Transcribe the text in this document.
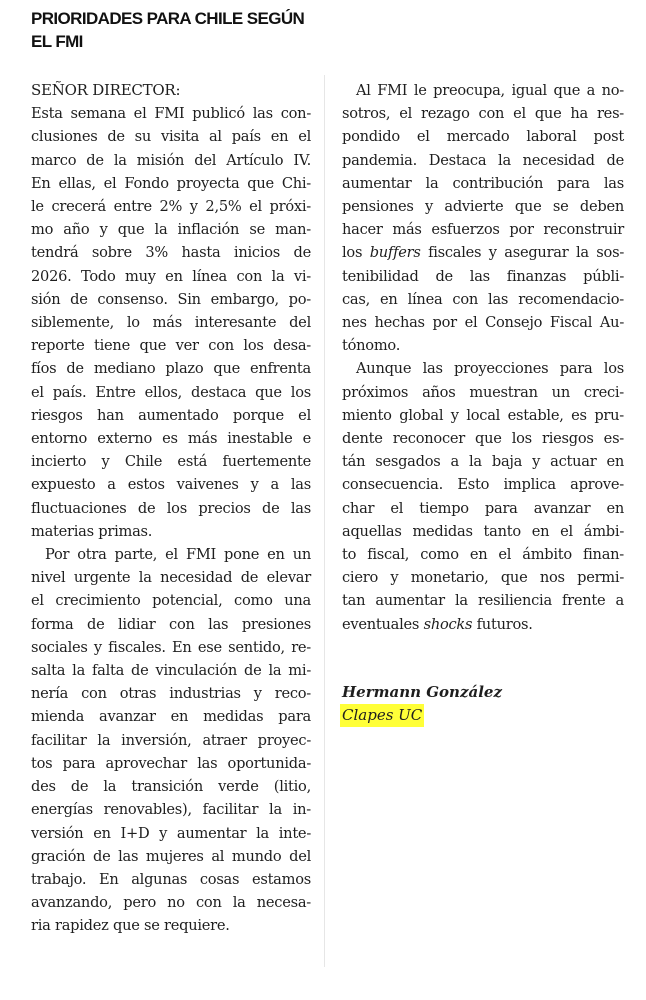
PRIORIDADES PARA CHILE SEGÚN
EL FMI
SEÑOR DIRECTOR:
Esta semana el FMI publicó las con-
clusiones de su visita al país en el
marco de la misión del Artículo IV.
En ellas, el Fondo proyecta que Chi-
le crecerá entre 2% y 2,5% el próxi-
mo año y que la inflación se man-
tendrá sobre 3% hasta inicios de
2026. Todo muy en línea con la vi-
sión de consenso. Sin embargo, po-
siblemente, lo más interesante del
reporte tiene que ver con los desa-
fíos de mediano plazo que enfrenta
el país. Entre ellos, destaca que los
riesgos han aumentado porque el
entorno externo es más inestable e
incierto y Chile está fuertemente
expuesto a estos vaivenes y a las
fluctuaciones de los precios de las
materias primas.
Por otra parte, el FMI pone en un
nivel urgente la necesidad de elevar
el crecimiento potencial, como una
forma de lidiar con las presiones
sociales y fiscales. En ese sentido, re-
salta la falta de vinculación de la mi-
nería con otras industrias y reco-
mienda avanzar en medidas para
facilitar la inversión, atraer proyec-
tos para aprovechar las oportunida-
des de la transición verde (litio,
energías renovables), facilitar la in-
versión en I+D y aumentar la inte-
gración de las mujeres al mundo del
trabajo. En algunas cosas estamos
avanzando, pero no con la necesa-
ria rapidez que se requiere.
Al FMI le preocupa, igual que a no-
sotros, el rezago con el que ha res-
pondido el mercado laboral post
pandemia. Destaca la necesidad de
aumentar la contribución para las
pensiones y advierte que se deben
hacer más esfuerzos por reconstruir
los buffers fiscales y asegurar la sos-
tenibilidad de las finanzas públi-
cas, en línea con las recomendacio-
nes hechas por el Consejo Fiscal Au-
tónomo.
Aunque las proyecciones para los
próximos años muestran un creci-
miento global y local estable, es pru-
dente reconocer que los riesgos es-
tán sesgados a la baja y actuar en
consecuencia. Esto implica aprove-
char el tiempo para avanzar en
aquellas medidas tanto en el ámbi-
to fiscal, como en el ámbito finan-
ciero y monetario, que nos permi-
tan aumentar la resiliencia frente a
eventuales shocks futuros.
Hermann González
Clapes UC
